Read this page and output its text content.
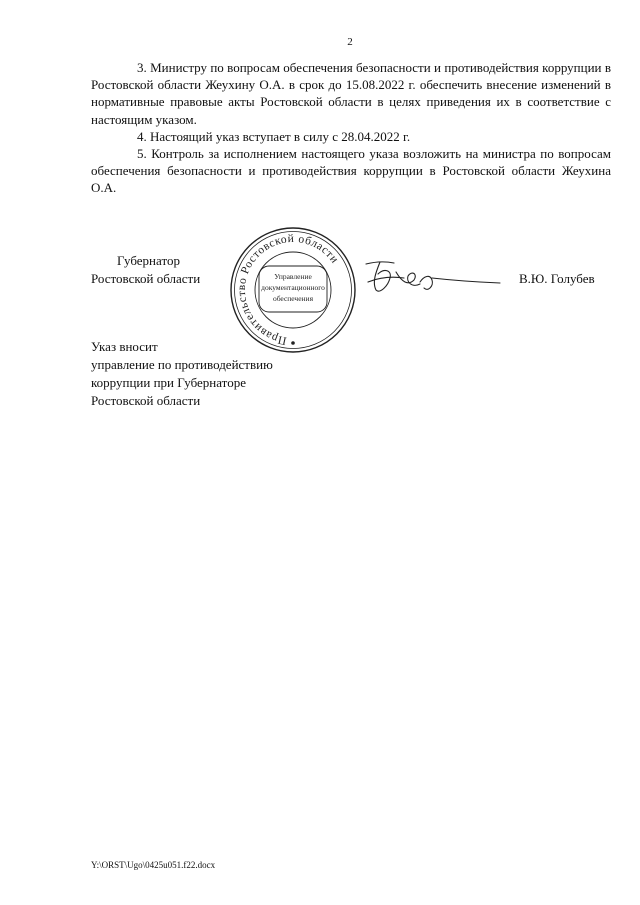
2

3. Министру по вопросам обеспечения безопасности и противодействия коррупции в Ростовской области Жеухину О.А. в срок до 15.08.2022 г. обеспечить внесение изменений в нормативные правовые акты Ростовской области в целях приведения их в соответствие с настоящим указом.

4. Настоящий указ вступает в силу с 28.04.2022 г.

5. Контроль за исполнением настоящего указа возложить на министра по вопросам обеспечения безопасности и противодействия коррупции в Ростовской области Жеухина О.А.

Губернатор
Ростовской области
Правительство Ростовской области
Управление
документационного
обеспечения
В.Ю. Голубев
Указ вносит
управление по противодействию
коррупции при Губернаторе
Ростовской области
Y:\ORST\Ugo\0425u051.f22.docx
